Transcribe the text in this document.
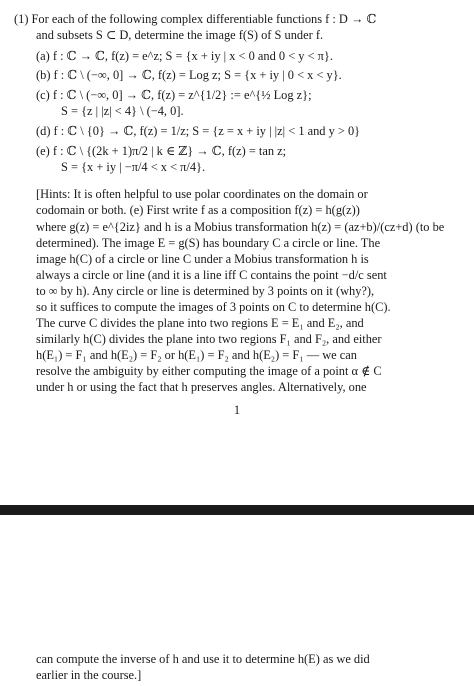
(1) For each of the following complex differentiable functions f : D → ℂ
and subsets S ⊂ D, determine the image f(S) of S under f.
(a) f : ℂ → ℂ, f(z) = e^z; S = {x + iy | x < 0 and 0 < y < π}.
(b) f : ℂ \ (−∞, 0] → ℂ, f(z) = Log z; S = {x + iy | 0 < x < y}.
(c) f : ℂ \ (−∞, 0] → ℂ, f(z) = z^{1/2} := e^{½ Log z};
S = {z | |z| < 4} \ (−4, 0].
(d) f : ℂ \ {0} → ℂ, f(z) = 1/z; S = {z = x + iy | |z| < 1 and y > 0}
(e) f : ℂ \ {(2k + 1)π/2 | k ∈ ℤ} → ℂ, f(z) = tan z;
S = {x + iy | −π/4 < x < π/4}.
[Hints: It is often helpful to use polar coordinates on the domain or
codomain or both. (e) First write f as a composition f(z) = h(g(z))
where g(z) = e^{2iz} and h is a Mobius transformation h(z) = (az+b)/(cz+d) (to be
determined). The image E = g(S) has boundary C a circle or line. The
image h(C) of a circle or line C under a Mobius transformation h is
always a circle or line (and it is a line iff C contains the point −d/c sent
to ∞ by h). Any circle or line is determined by 3 points on it (why?),
so it suffices to compute the images of 3 points on C to determine h(C).
The curve C divides the plane into two regions E = E₁ and E₂, and
similarly h(C) divides the plane into two regions F₁ and F₂, and either
h(E₁) = F₁ and h(E₂) = F₂ or h(E₁) = F₂ and h(E₂) = F₁ — we can
resolve the ambiguity by either computing the image of a point α ∉ C
under h or using the fact that h preserves angles. Alternatively, one
1
can compute the inverse of h and use it to determine h(E) as we did
earlier in the course.]
